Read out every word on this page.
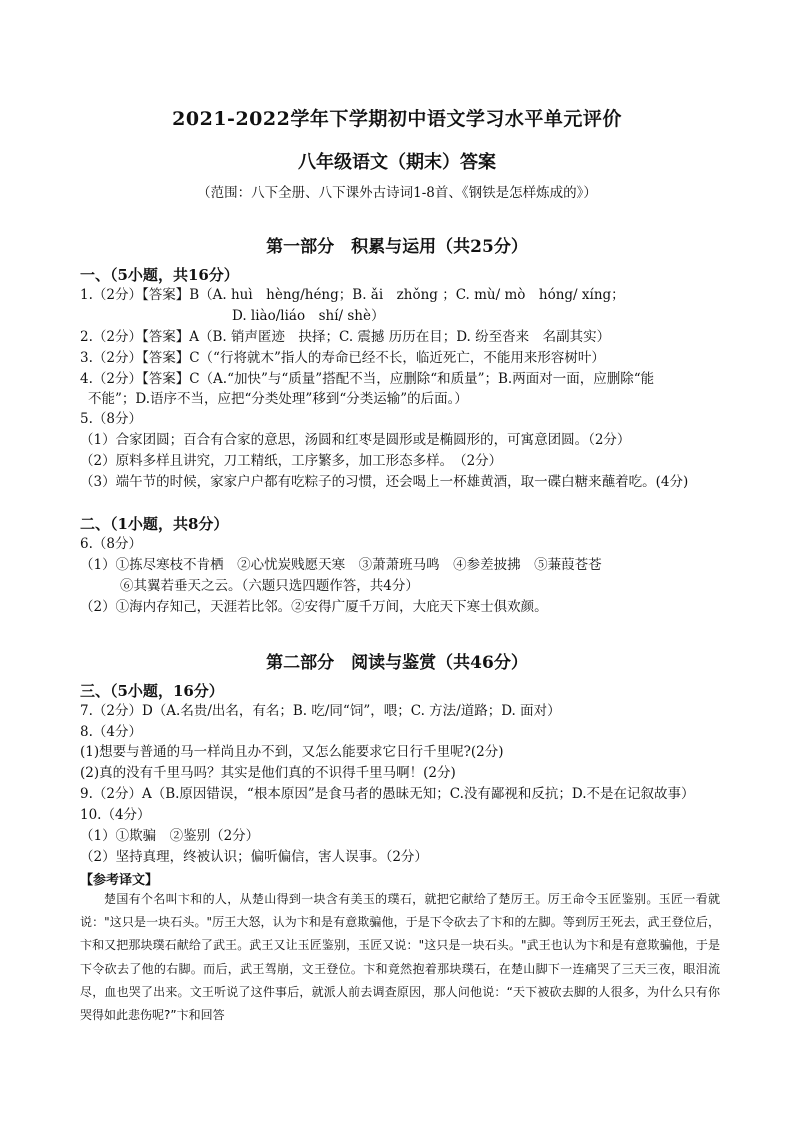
2021-2022学年下学期初中语文学习水平单元评价
八年级语文（期末）答案
（范围：八下全册、八下课外古诗词1-8首、《钢铁是怎样炼成的》）
第一部分　积累与运用（共25分）
一、（5小题，共16分）
1.（2分）【答案】B（A. huì　hèng/héng；B. ǎi　zhǒng ；C. mù/ mò　hóng/ xíng；
D. liào/liáo　shí/ shè）
2.（2分）【答案】A（B. 销声匿迹　抉择；C. 震撼 历历在目；D. 纷至沓来　名副其实）
3.（2分）【答案】C（“行将就木”指人的寿命已经不长，临近死亡，不能用来形容树叶）
4.（2分）【答案】C（A.“加快”与“质量”搭配不当，应删除“和质量”；B.两面对一面，应删除“能
不能”；D.语序不当，应把“分类处理”移到“分类运输”的后面。）
5.（8分）
（1）合家团圆；百合有合家的意思，汤圆和红枣是圆形或是椭圆形的，可寓意团圆。（2分）
（2）原料多样且讲究，刀工精纸，工序繁多，加工形态多样。　（2分）
（3）端午节的时候，家家户户都有吃粽子的习惯，还会喝上一杯雄黄酒，取一碟白糖来蘸着吃。(4分)
二、（1小题，共8分）
6.（8分）
（1）①拣尽寒枝不肯栖　②心忧炭贱愿天寒　③萧萧班马鸣　④参差披拂　⑤蒹葭苍苍
⑥其翼若垂天之云。（六题只选四题作答，共4分）
（2）①海内存知己，天涯若比邻。②安得广厦千万间，大庇天下寒士俱欢颜。
第二部分　阅读与鉴赏（共46分）
三、（5小题，16分）
7.（2分）D（A.名贵/出名，有名；B. 吃/同“饲”，喂；C. 方法/道路；D. 面对）
8.（4分）
(1)想要与普通的马一样尚且办不到，又怎么能要求它日行千里呢?(2分)
(2)真的没有千里马吗？其实是他们真的不识得千里马啊！(2分)
9.（2分）A（B.原因错误，“根本原因”是食马者的愚昧无知；C.没有鄙视和反抗；D.不是在记叙故事）
10.（4分）
（1）①欺骗　②鉴别（2分）
（2）坚持真理，终被认识；偏听偏信，害人误事。（2分）
【参考译文】

楚国有个名叫卞和的人，从楚山得到一块含有美玉的璞石，就把它献给了楚厉王。厉王命令玉匠鉴别。玉匠一看就说："这只是一块石头。"厉王大怒，认为卞和是有意欺骗他，于是下令砍去了卞和的左脚。等到厉王死去，武王登位后，卞和又把那块璞石献给了武王。武王又让玉匠鉴别，玉匠又说："这只是一块石头。"武王也认为卞和是有意欺骗他，于是下令砍去了他的右脚。而后，武王驾崩，文王登位。卞和竟然抱着那块璞石，在楚山脚下一连痛哭了三天三夜，眼泪流尽，血也哭了出来。文王听说了这件事后，就派人前去调查原因，那人问他说：“天下被砍去脚的人很多，为什么只有你哭得如此悲伤呢?”卞和回答
